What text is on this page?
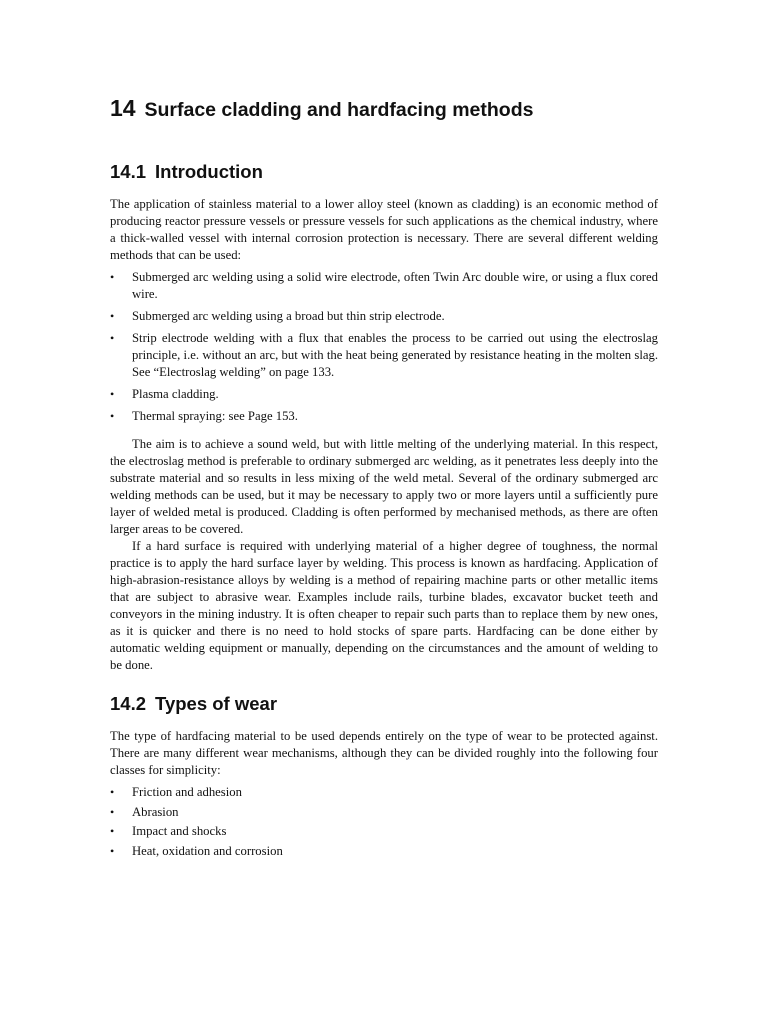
14 Surface cladding and hardfacing methods
14.1 Introduction

The application of stainless material to a lower alloy steel (known as cladding) is an economic method of producing reactor pressure vessels or pressure vessels for such applications as the chemical industry, where a thick-walled vessel with internal corrosion protection is necessary. There are several different welding methods that can be used:

•	Submerged arc welding using a solid wire electrode, often Twin Arc double wire, or using a flux cored wire.
•	Submerged arc welding using a broad but thin strip electrode.
•	Strip electrode welding with a flux that enables the process to be carried out using the electroslag principle, i.e. without an arc, but with the heat being generated by resistance heating in the molten slag. See “Electroslag welding” on page 133.
•	Plasma cladding.
•	Thermal spraying: see Page 153.

The aim is to achieve a sound weld, but with little melting of the underlying material. In this respect, the electroslag method is preferable to ordinary submerged arc welding, as it penetrates less deeply into the substrate material and so results in less mixing of the weld metal. Several of the ordinary submerged arc welding methods can be used, but it may be necessary to apply two or more layers until a sufficiently pure layer of welded metal is produced. Cladding is often performed by mechanised methods, as there are often larger areas to be covered.

If a hard surface is required with underlying material of a higher degree of toughness, the normal practice is to apply the hard surface layer by welding. This process is known as hardfacing. Application of high-abrasion-resistance alloys by welding is a method of repairing machine parts or other metallic items that are subject to abrasive wear. Examples include rails, turbine blades, excavator bucket teeth and conveyors in the mining industry. It is often cheaper to repair such parts than to replace them by new ones, as it is quicker and there is no need to hold stocks of spare parts. Hardfacing can be done either by automatic welding equipment or manually, depending on the circumstances and the amount of welding to be done.

14.2 Types of wear

The type of hardfacing material to be used depends entirely on the type of wear to be protected against. There are many different wear mechanisms, although they can be divided roughly into the following four classes for simplicity:

•	Friction and adhesion
•	Abrasion
•	Impact and shocks
•	Heat, oxidation and corrosion
